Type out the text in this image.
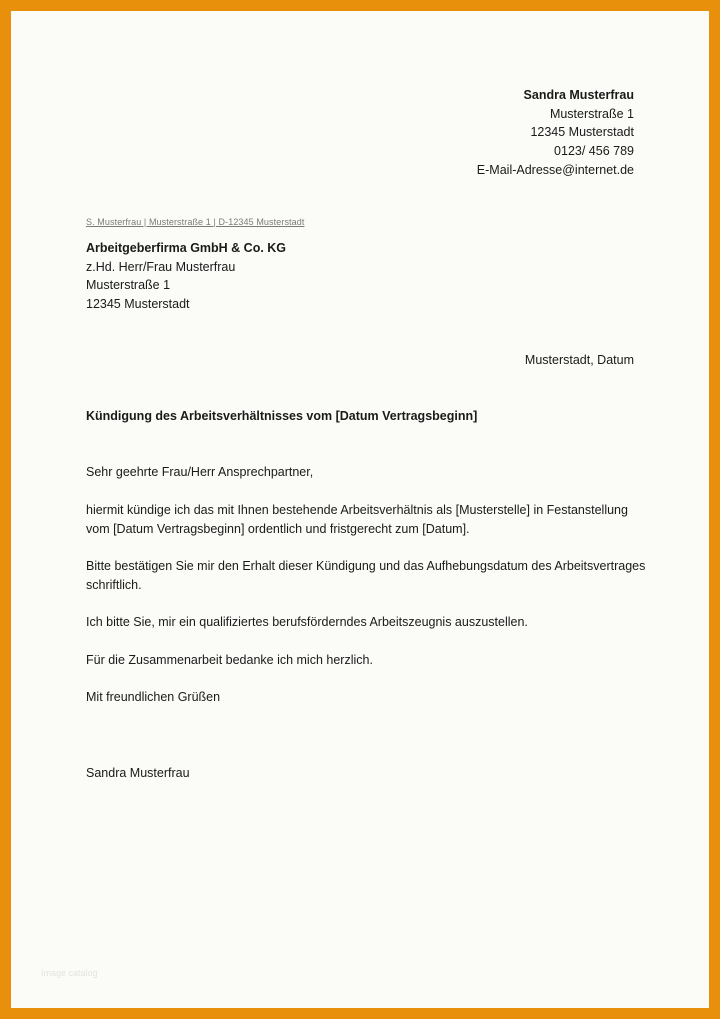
Sandra Musterfrau
Musterstraße 1
12345 Musterstadt
0123/ 456 789
E-Mail-Adresse@internet.de
S. Musterfrau | Musterstraße 1 | D-12345 Musterstadt
Arbeitgeberfirma GmbH & Co. KG
z.Hd. Herr/Frau Musterfrau
Musterstraße 1
12345 Musterstadt
Musterstadt, Datum
Kündigung des Arbeitsverhältnisses vom [Datum Vertragsbeginn]
Sehr geehrte Frau/Herr Ansprechpartner,
hiermit kündige ich das mit Ihnen bestehende Arbeitsverhältnis als [Musterstelle] in Festanstellung
vom [Datum Vertragsbeginn] ordentlich und fristgerecht zum [Datum].
Bitte bestätigen Sie mir den Erhalt dieser Kündigung und das Aufhebungsdatum des Arbeitsvertrages
schriftlich.
Ich bitte Sie, mir ein qualifiziertes berufsförderndes Arbeitszeugnis auszustellen.
Für die Zusammenarbeit bedanke ich mich herzlich.
Mit freundlichen Grüßen
Sandra Musterfrau
Image catalog
